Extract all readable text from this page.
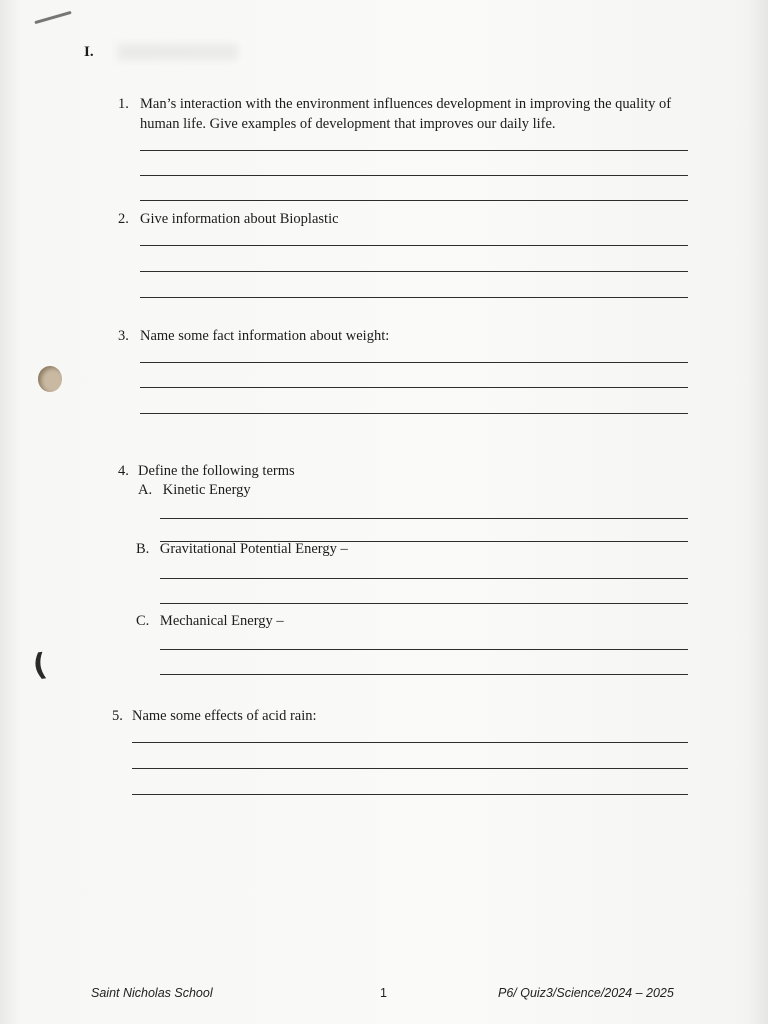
I.
(
1. Man’s interaction with the environment influences development in improving the quality of
human life. Give examples of development that improves our daily life.
2. Give information about Bioplastic
3. Name some fact information about weight:
4. Define the following terms
A. Kinetic Energy
B. Gravitational Potential Energy –
C. Mechanical Energy –
5. Name some effects of acid rain:
Saint Nicholas School	1	P6/ Quiz3/Science/2024 – 2025
